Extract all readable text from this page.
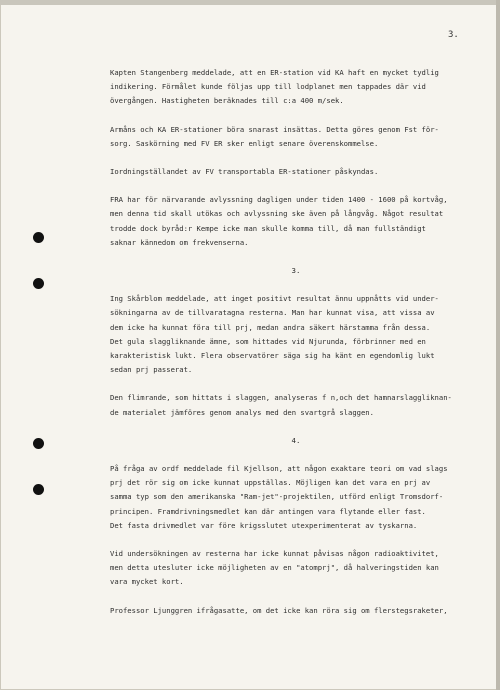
3.

Kapten Stangenberg meddelade, att en ER-station vid KA haft en mycket tydlig
indikering. Förmålet kunde följas upp till lodplanet men tappades där vid
övergången. Hastigheten beräknades till c:a 400 m/sek.

Armåns och KA ER-stationer böra snarast insättas. Detta göres genom Fst för-
sorg. Saskörning med FV ER sker enligt senare överenskommelse.

Iordningställandet av FV transportabla ER-stationer påskyndas.

FRA har för närvarande avlyssning dagligen under tiden 1400 - 1600 på kortvåg,
men denna tid skall utökas och avlyssning ske även på långvåg. Något resultat
trodde dock byråd:r Kempe icke man skulle komma till, då man fullständigt
saknar kännedom om frekvenserna.

3.

Ing Skårblom meddelade, att inget positivt resultat ännu uppnåtts vid under-
sökningarna av de tillvaratagna resterna. Man har kunnat visa, att vissa av
dem icke ha kunnat föra till prj, medan andra säkert härstamma från dessa.
Det gula slaggliknande ämne, som hittades vid Njurunda, förbrinner med en
karakteristisk lukt. Flera observatörer säga sig ha känt en egendomlig lukt
sedan prj passerat.

Den flimrande, som hittats i slaggen, analyseras f n,och det hamnarslaggliknan-
de materialet jämföres genom analys med den svartgrå slaggen.

4.

På fråga av ordf meddelade fil Kjellson, att någon exaktare teori om vad slags
prj det rör sig om icke kunnat uppställas. Möjligen kan det vara en prj av
samma typ som den amerikanska "Ram-jet"-projektilen, utförd enligt Tromsdorf-
principen. Framdrivningsmedlet kan där antingen vara flytande eller fast.
Det fasta drivmedlet var före krigsslutet utexperimenterat av tyskarna.

Vid undersökningen av resterna har icke kunnat påvisas någon radioaktivitet,
men detta utesluter icke möjligheten av en "atomprj", då halveringstiden kan
vara mycket kort.

Professor Ljunggren ifrågasatte, om det icke kan röra sig om flerstegsraketer,
